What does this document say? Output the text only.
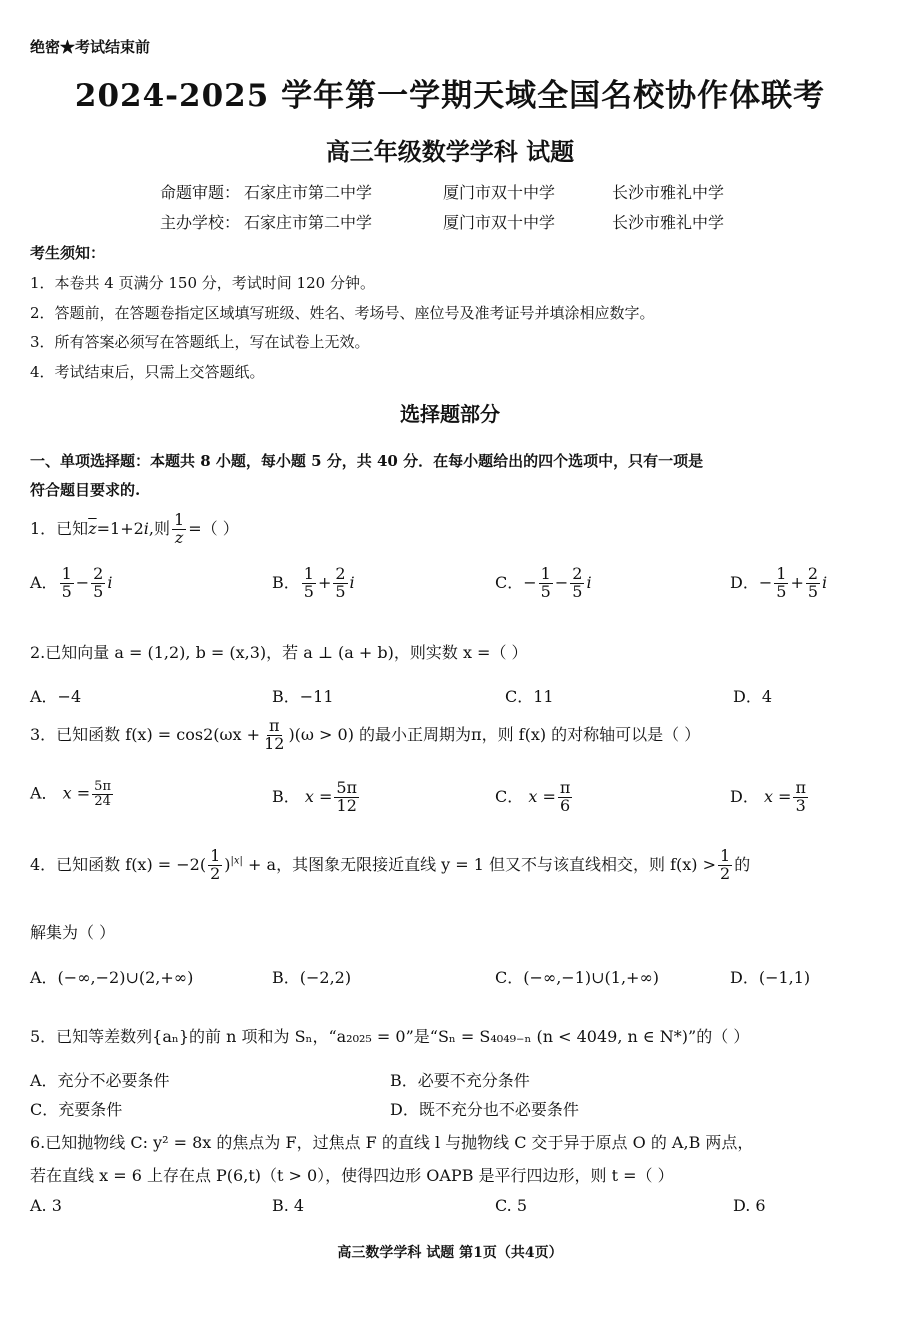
绝密★考试结束前
2024-2025 学年第一学期天域全国名校协作体联考
高三年级数学学科 试题
命题审题： 石家庄市第二中学	厦门市双十中学	长沙市雅礼中学
主办学校： 石家庄市第二中学	厦门市双十中学	长沙市雅礼中学
考生须知：
1．本卷共 4 页满分 150 分，考试时间 120 分钟。
2．答题前，在答题卷指定区域填写班级、姓名、考场号、座位号及准考证号并填涂相应数字。
3．所有答案必须写在答题纸上，写在试卷上无效。
4．考试结束后，只需上交答题纸。
选择题部分
一、单项选择题：本题共 8 小题，每小题 5 分，共 40 分．在每小题给出的四个选项中，只有一项是
符合题目要求的.
1．已知$\overline{z}=1+2i$,则 $\frac{1}{z}$ =（ ）
A． $\frac{1}{5} - \frac{2}{5}$ i	B． $\frac{1}{5} + \frac{2}{5}$ i	C．− $\frac{1}{5} - \frac{2}{5}$ i	D．− $\frac{1}{5} + \frac{2}{5}$ i
2.已知向量 a = (1,2), b = (x,3)，若 a ⊥ (a + b)，则实数 x =（ ）
A．−4	B．−11	C．11	D．4
3．已知函数 $f(x) = \cos 2(\omega x + \frac{\pi}{12} )(\omega > 0)$ 的最小正周期为π，则 f(x) 的对称轴可以是（ ）
A． $x = \frac{5\pi}{24}$	B． $x = \frac{5\pi}{12}$	C． $x = \frac{\pi}{6}$	D． $x = \frac{\pi}{3}$
4．已知函数 $f(x) = -2( \frac{1}{2} )^{|x|} + a$，其图象无限接近直线 y = 1 但又不与该直线相交，则 $f(x) > \frac{1}{2}$ 的
解集为（ ）
A．(−∞,−2)∪(2,+∞)	B．(−2,2)	C．(−∞,−1)∪(1,+∞)	D．(−1,1)
5．已知等差数列{aₙ}的前 n 项和为 Sₙ，“a₂₀₂₅ = 0”是“Sₙ = S₄₀₄₉₋ₙ (n < 4049, n ∈ N*)”的（ ）
A．充分不必要条件	B．必要不充分条件
C．充要条件	D．既不充分也不必要条件
6.已知抛物线 C: y² = 8x 的焦点为 F，过焦点 F 的直线 l 与抛物线 C 交于异于原点 O 的 A,B 两点，
若在直线 x = 6 上存在点 P(6,t)（t > 0），使得四边形 OAPB 是平行四边形，则 t =（ ）
A. 3	B. 4	C. 5	D. 6
高三数学学科 试题 第1页（共4页）
